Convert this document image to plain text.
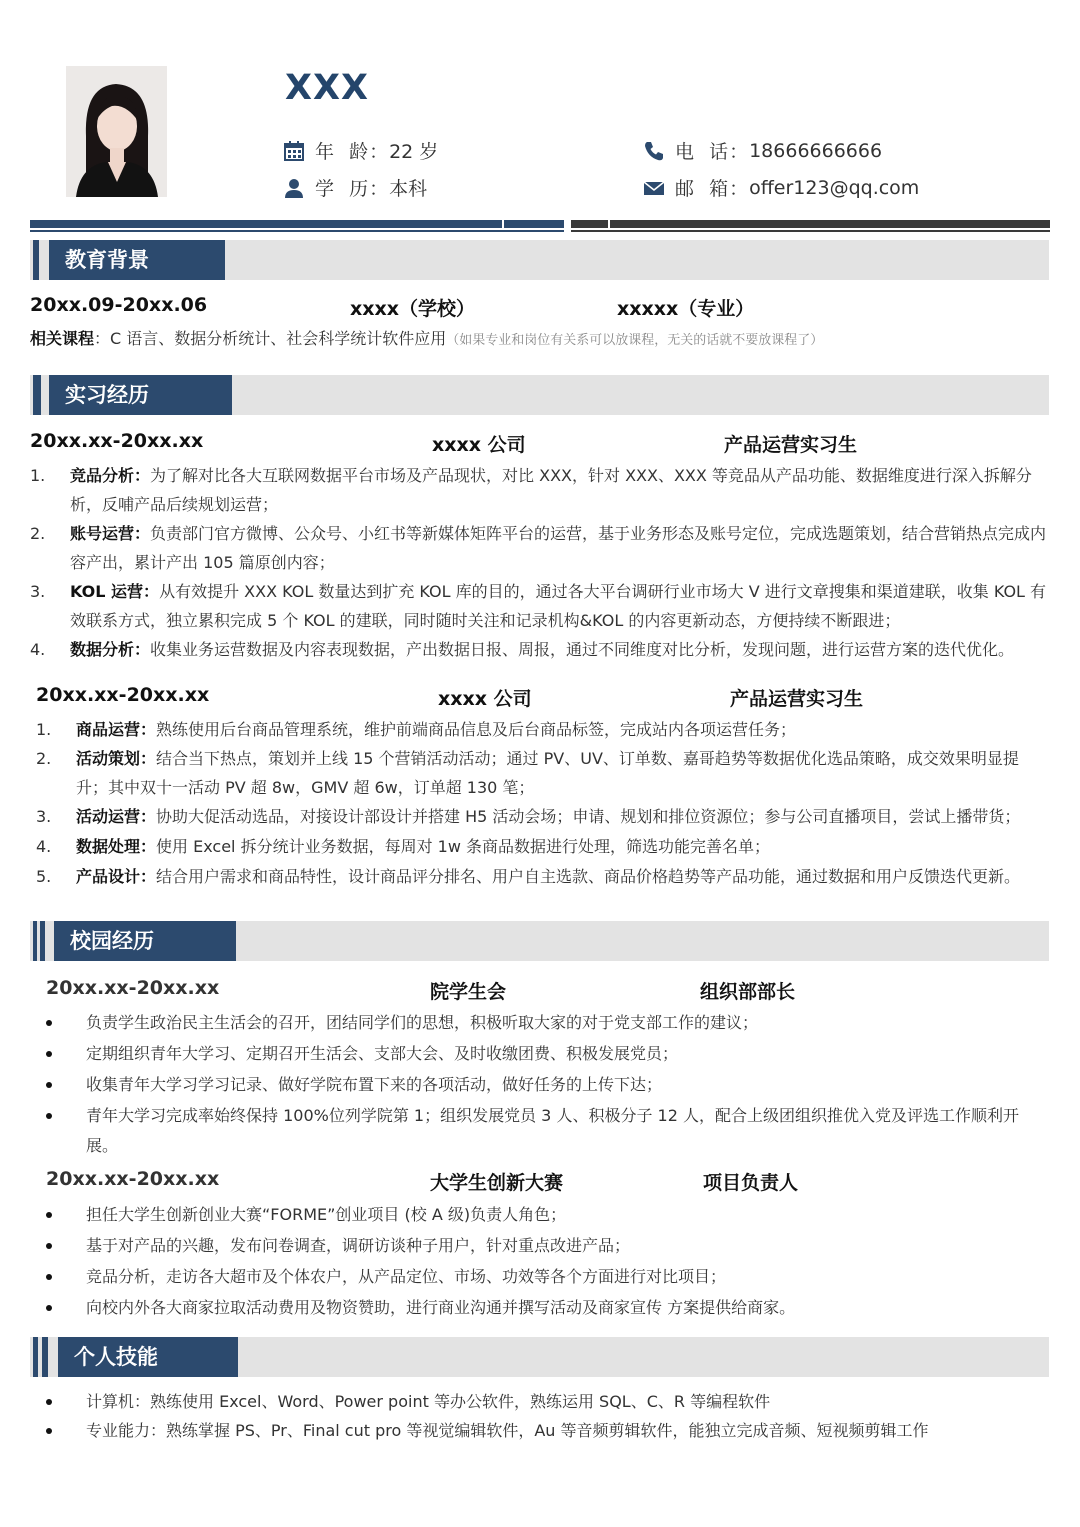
XXX
年  龄： 22 岁
学  历： 本科
电  话： 18666666666
邮  箱： offer123@qq.com
教育背景
20xx.09-20xx.06	xxxx（学校）	xxxxx（专业）
相关课程：C 语言、数据分析统计、社会科学统计软件应用（如果专业和岗位有关系可以放课程，无关的话就不要放课程了）
实习经历
20xx.xx-20xx.xx	xxxx 公司	产品运营实习生
1. 竞品分析：为了解对比各大互联网数据平台市场及产品现状，对比 XXX，针对 XXX、XXX 等竞品从产品功能、数据维度进行深入拆解分析，反哺产品后续规划运营；
2. 账号运营：负责部门官方微博、公众号、小红书等新媒体矩阵平台的运营，基于业务形态及账号定位，完成选题策划，结合营销热点完成内容产出，累计产出 105 篇原创内容；
3. KOL 运营：从有效提升 XXX KOL 数量达到扩充 KOL 库的目的，通过各大平台调研行业市场大 V 进行文章搜集和渠道建联，收集 KOL 有效联系方式，独立累积完成 5 个 KOL 的建联，同时随时关注和记录机构&KOL 的内容更新动态，方便持续不断跟进；
4. 数据分析：收集业务运营数据及内容表现数据，产出数据日报、周报，通过不同维度对比分析，发现问题，进行运营方案的迭代优化。
20xx.xx-20xx.xx	xxxx 公司	产品运营实习生
1. 商品运营：熟练使用后台商品管理系统，维护前端商品信息及后台商品标签，完成站内各项运营任务；
2. 活动策划：结合当下热点，策划并上线 15 个营销活动活动；通过 PV、UV、订单数、嘉哥趋势等数据优化选品策略，成交效果明显提升；其中双十一活动 PV 超 8w，GMV 超 6w，订单超 130 笔；
3. 活动运营：协助大促活动选品，对接设计部设计并搭建 H5 活动会场；申请、规划和排位资源位；参与公司直播项目，尝试上播带货；
4. 数据处理：使用 Excel 拆分统计业务数据，每周对 1w 条商品数据进行处理，筛选功能完善名单；
5. 产品设计：结合用户需求和商品特性，设计商品评分排名、用户自主选款、商品价格趋势等产品功能，通过数据和用户反馈迭代更新。
校园经历
20xx.xx-20xx.xx	院学生会	组织部部长
负责学生政治民主生活会的召开，团结同学们的思想，积极听取大家的对于党支部工作的建议；
定期组织青年大学习、定期召开生活会、支部大会、及时收缴团费、积极发展党员；
收集青年大学习学习记录、做好学院布置下来的各项活动，做好任务的上传下达；
青年大学习完成率始终保持 100%位列学院第 1；组织发展党员 3 人、积极分子 12 人，配合上级团组织推优入党及评选工作顺利开展。
20xx.xx-20xx.xx	大学生创新大赛	项目负责人
担任大学生创新创业大赛“FORME”创业项目 (校 A 级)负责人角色；
基于对产品的兴趣，发布问卷调查，调研访谈种子用户，针对重点改进产品；
竞品分析，走访各大超市及个体农户，从产品定位、市场、功效等各个方面进行对比项目；
向校内外各大商家拉取活动费用及物资赞助，进行商业沟通并撰写活动及商家宣传 方案提供给商家。
个人技能
计算机：熟练使用 Excel、Word、Power point 等办公软件，熟练运用 SQL、C、R 等编程软件
专业能力：熟练掌握 PS、Pr、Final cut pro 等视觉编辑软件，Au 等音频剪辑软件，能独立完成音频、短视频剪辑工作
